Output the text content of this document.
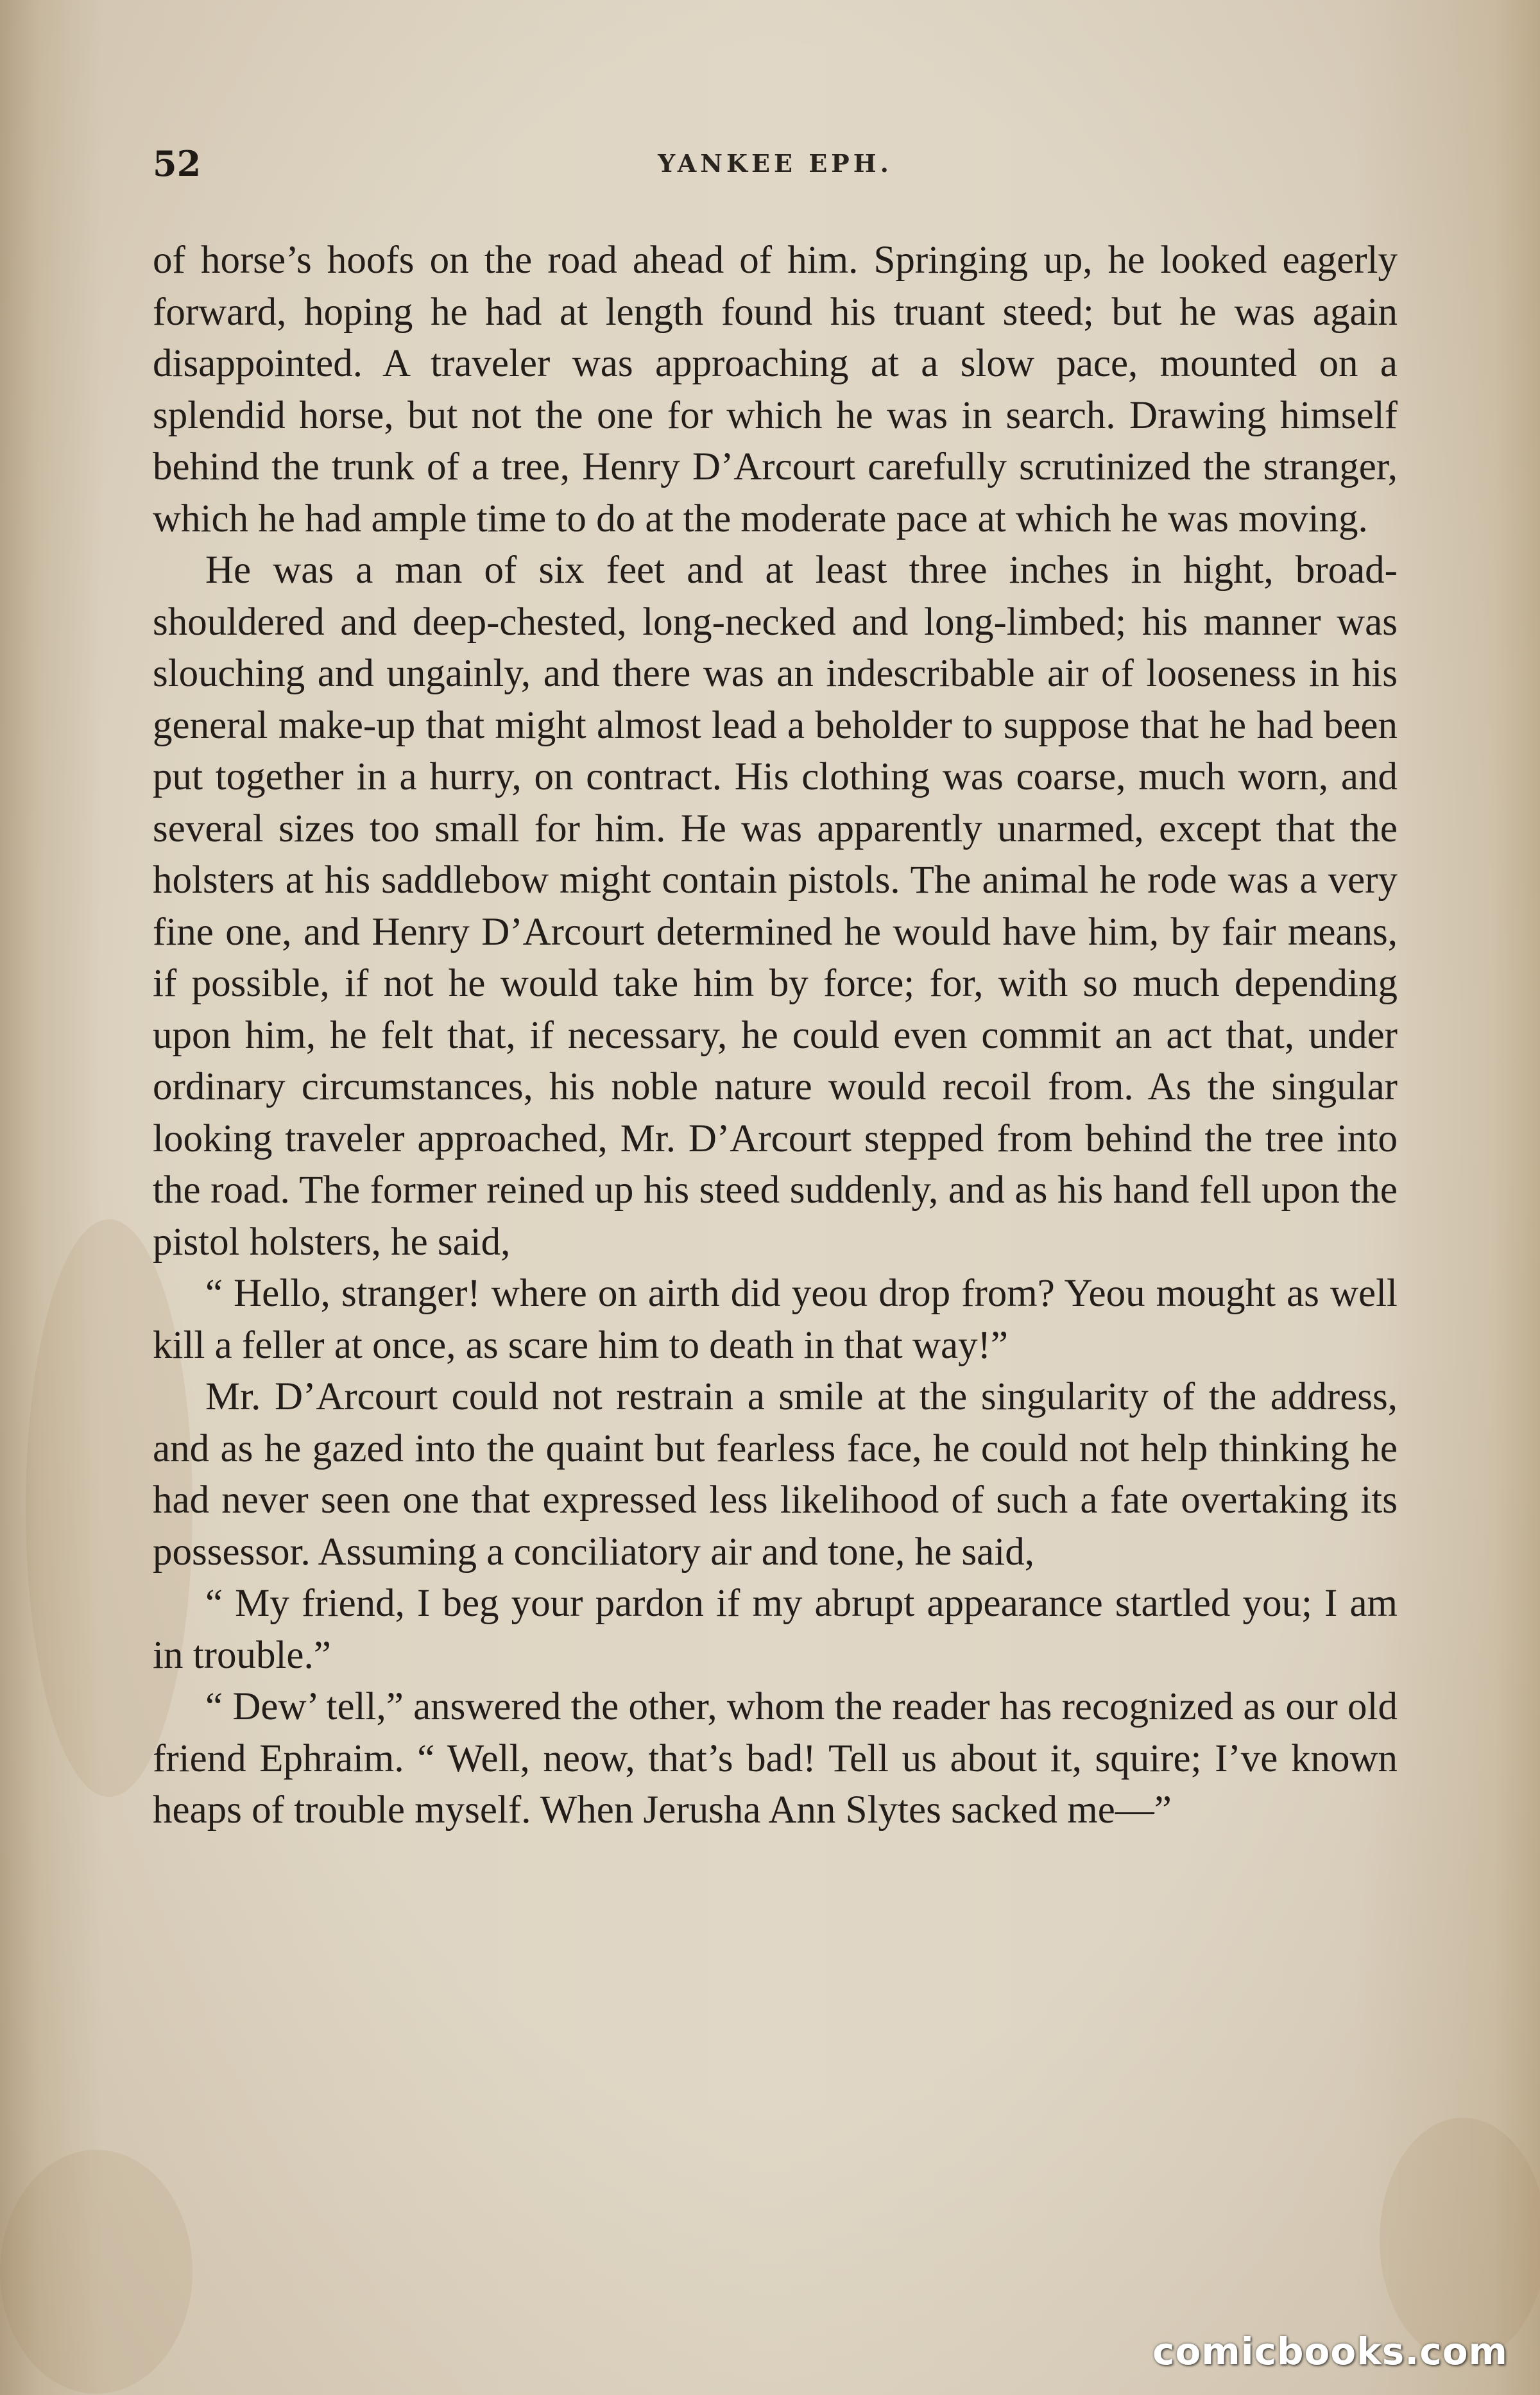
52	YANKEE EPH.

of horse’s hoofs on the road ahead of him. Springing up, he looked eagerly forward, hoping he had at length found his truant steed; but he was again disappointed. A traveler was approaching at a slow pace, mounted on a splendid horse, but not the one for which he was in search. Drawing himself behind the trunk of a tree, Henry D’Arcourt carefully scrutinized the stranger, which he had ample time to do at the moderate pace at which he was moving.

He was a man of six feet and at least three inches in hight, broad-shouldered and deep-chested, long-necked and long-limbed; his manner was slouching and ungainly, and there was an indescribable air of looseness in his general make-up that might almost lead a beholder to suppose that he had been put together in a hurry, on contract. His clothing was coarse, much worn, and several sizes too small for him. He was apparently unarmed, except that the holsters at his saddlebow might contain pistols. The animal he rode was a very fine one, and Henry D’Arcourt determined he would have him, by fair means, if possible, if not he would take him by force; for, with so much depending upon him, he felt that, if necessary, he could even commit an act that, under ordinary circumstances, his noble nature would recoil from. As the singular looking traveler approached, Mr. D’Arcourt stepped from behind the tree into the road. The former reined up his steed suddenly, and as his hand fell upon the pistol holsters, he said,

“ Hello, stranger! where on airth did yeou drop from? Yeou mought as well kill a feller at once, as scare him to death in that way!”

Mr. D’Arcourt could not restrain a smile at the singularity of the address, and as he gazed into the quaint but fearless face, he could not help thinking he had never seen one that expressed less likelihood of such a fate overtaking its possessor. Assuming a conciliatory air and tone, he said,

“ My friend, I beg your pardon if my abrupt appearance startled you; I am in trouble.”

“ Dew’ tell,” answered the other, whom the reader has recognized as our old friend Ephraim. “ Well, neow, that’s bad! Tell us about it, squire; I’ve known heaps of trouble myself. When Jerusha Ann Slytes sacked me—”

comicbooks.com
